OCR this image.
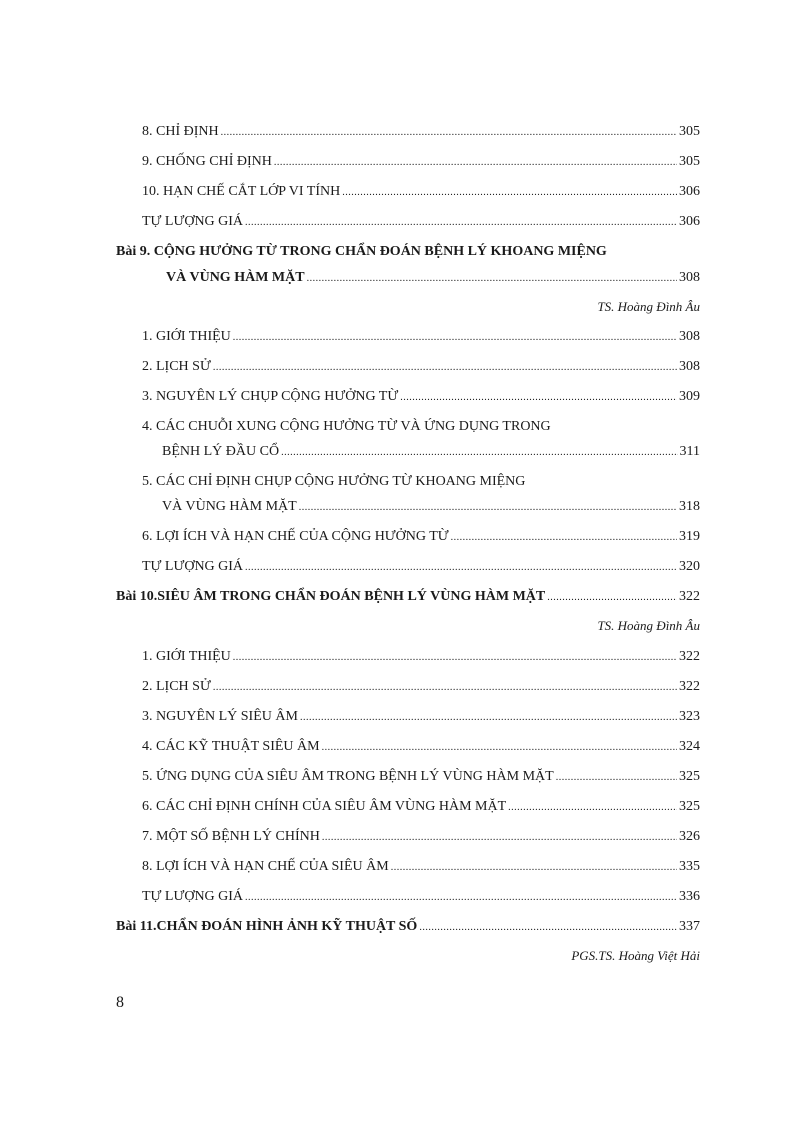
8. CHỈ ĐỊNH .....	305
9. CHỐNG CHỈ ĐỊNH .....	305
10. HẠN CHẾ CẮT LỚP VI TÍNH .....	306
TỰ LƯỢNG GIÁ .....	306
Bài 9. CỘNG HƯỞNG TỪ TRONG CHẨN ĐOÁN BỆNH LÝ KHOANG MIỆNG
VÀ VÙNG HÀM MẶT .....	308
TS. Hoàng Đình Âu
1. GIỚI THIỆU .....	308
2. LỊCH SỬ .....	308
3. NGUYÊN LÝ CHỤP CỘNG HƯỞNG TỪ .....	309
4. CÁC CHUỖI XUNG CỘNG HƯỞNG TỪ VÀ ỨNG DỤNG TRONG
BỆNH LÝ ĐẦU CỔ .....	311
5. CÁC CHỈ ĐỊNH CHỤP CỘNG HƯỞNG TỪ KHOANG MIỆNG
VÀ VÙNG HÀM MẶT .....	318
6. LỢI ÍCH VÀ HẠN CHẾ CỦA CỘNG HƯỞNG TỪ .....	319
TỰ LƯỢNG GIÁ .....	320
Bài 10. SIÊU ÂM TRONG CHẨN ĐOÁN BỆNH LÝ VÙNG HÀM MẶT .....	322
TS. Hoàng Đình Âu
1. GIỚI THIỆU .....	322
2. LỊCH SỬ .....	322
3. NGUYÊN LÝ SIÊU ÂM .....	323
4. CÁC KỸ THUẬT SIÊU ÂM .....	324
5. ỨNG DỤNG CỦA SIÊU ÂM TRONG BỆNH LÝ VÙNG HÀM MẶT .....	325
6. CÁC CHỈ ĐỊNH CHÍNH CỦA SIÊU ÂM VÙNG HÀM MẶT .....	325
7. MỘT SỐ BỆNH LÝ CHÍNH .....	326
8. LỢI ÍCH VÀ HẠN CHẾ CỦA SIÊU ÂM .....	335
TỰ LƯỢNG GIÁ .....	336
Bài 11. CHẨN ĐOÁN HÌNH ẢNH KỸ THUẬT SỐ .....	337
PGS.TS. Hoàng Việt Hải
8
